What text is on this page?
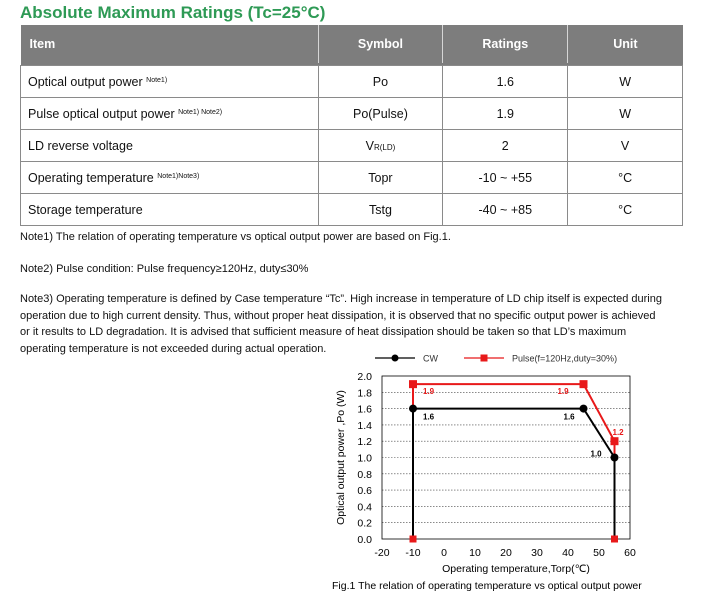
Absolute Maximum Ratings (Tc=25°C)
Item	Symbol	Ratings	Unit

Optical output power $^{Note1)}$	Po	1.6	W
Pulse optical output power $^{Note1) Note2)}$	Po(Pulse)	1.9	W
LD reverse voltage	VR(LD)	2	V
Operating temperature $^{Note1)Note3)}$	Topr	-10 ~ +55	°C
Storage temperature	Tstg	-40 ~ +85	°C
Note1) The relation of operating temperature vs optical output power are based on Fig.1.
Note2) Pulse condition: Pulse frequency≥120Hz, duty≤30%
Note3) Operating temperature is defined by Case temperature “Tc”. High increase in temperature of LD chip itself is expected during operation due to high current density. Thus, without proper heat dissipation, it is observed that no specific output power is achieved or it results to LD degradation. It is advised that sufficient measure of heat dissipation should be taken so that LD’s maximum operating temperature is not exceeded during actual operation.
0.0
0.2
0.4
0.6
0.8
1.0
1.2
1.4
1.6
1.8
2.0
-20 -10 0 10 20 30 40 50 60
Operating temperature,Torp(℃)
Optical output power ,Po (W)
Fig.1 The relation of operating temperature vs optical output power
CW	Pulse(f=120Hz,duty=30%)
1.6	1.6
1.0
1.9	1.9
1.2
